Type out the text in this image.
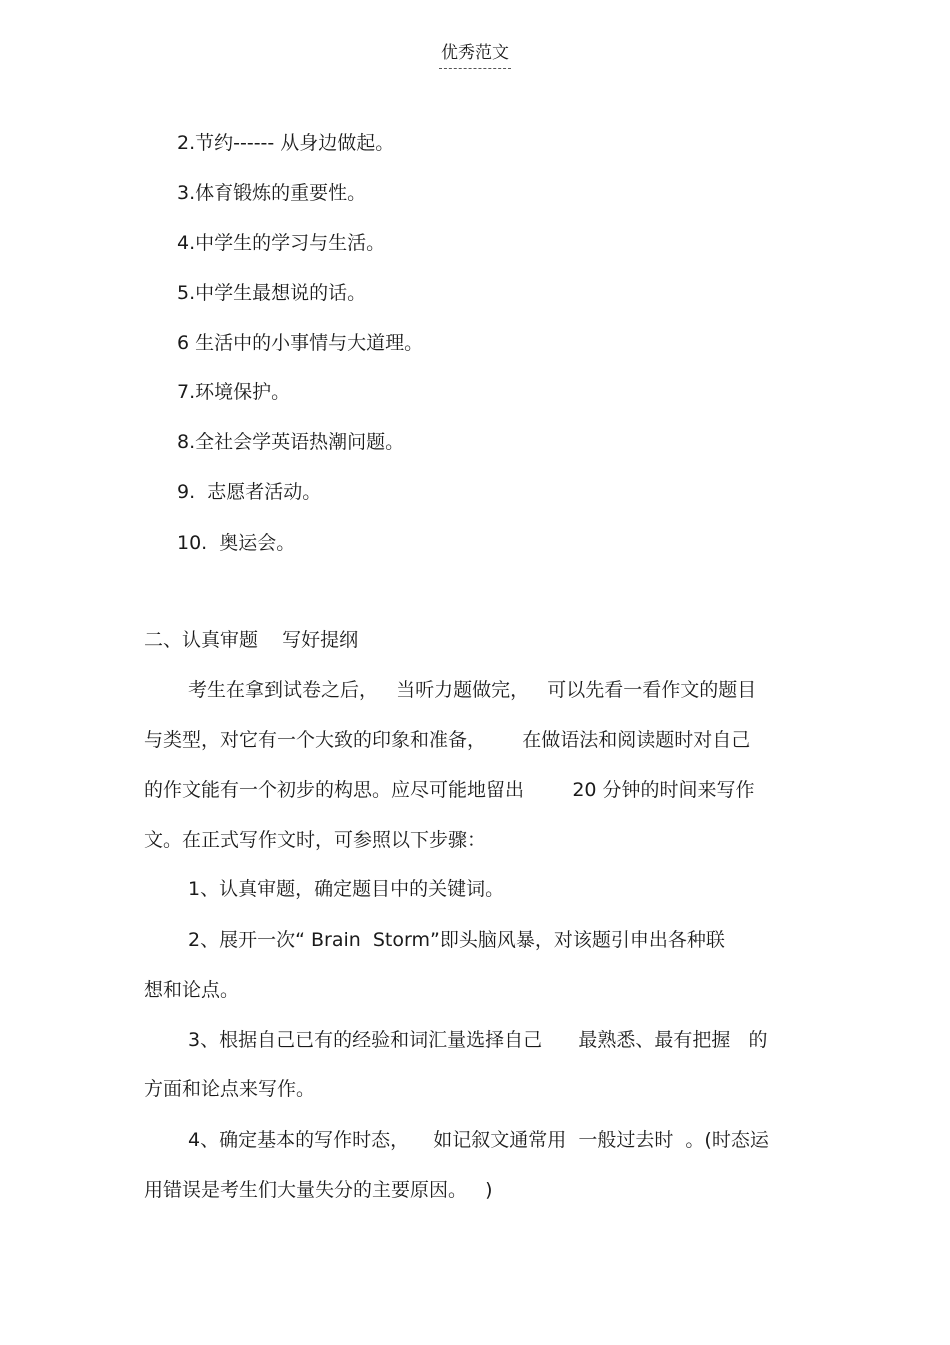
优秀范文
2.节约------ 从身边做起。
3.体育锻炼的重要性。
4.中学生的学习与生活。
5.中学生最想说的话。
6 生活中的小事情与大道理。
7.环境保护。
8.全社会学英语热潮问题。
9.  志愿者活动。
10.  奥运会。
二、认真审题    写好提纲
考生在拿到试卷之后，   当听力题做完，   可以先看一看作文的题目
与类型，对它有一个大致的印象和准备，      在做语法和阅读题时对自己
的作文能有一个初步的构思。应尽可能地留出        20 分钟的时间来写作
文。在正式写作文时，可参照以下步骤：
1、认真审题，确定题目中的关键词。
2、展开一次“ Brain  Storm”即头脑风暴，对该题引申出各种联
想和论点。
3、根据自己已有的经验和词汇量选择自己      最熟悉、最有把握   的
方面和论点来写作。
4、确定基本的写作时态，    如记叙文通常用  一般过去时  。(时态运
用错误是考生们大量失分的主要原因。   )
